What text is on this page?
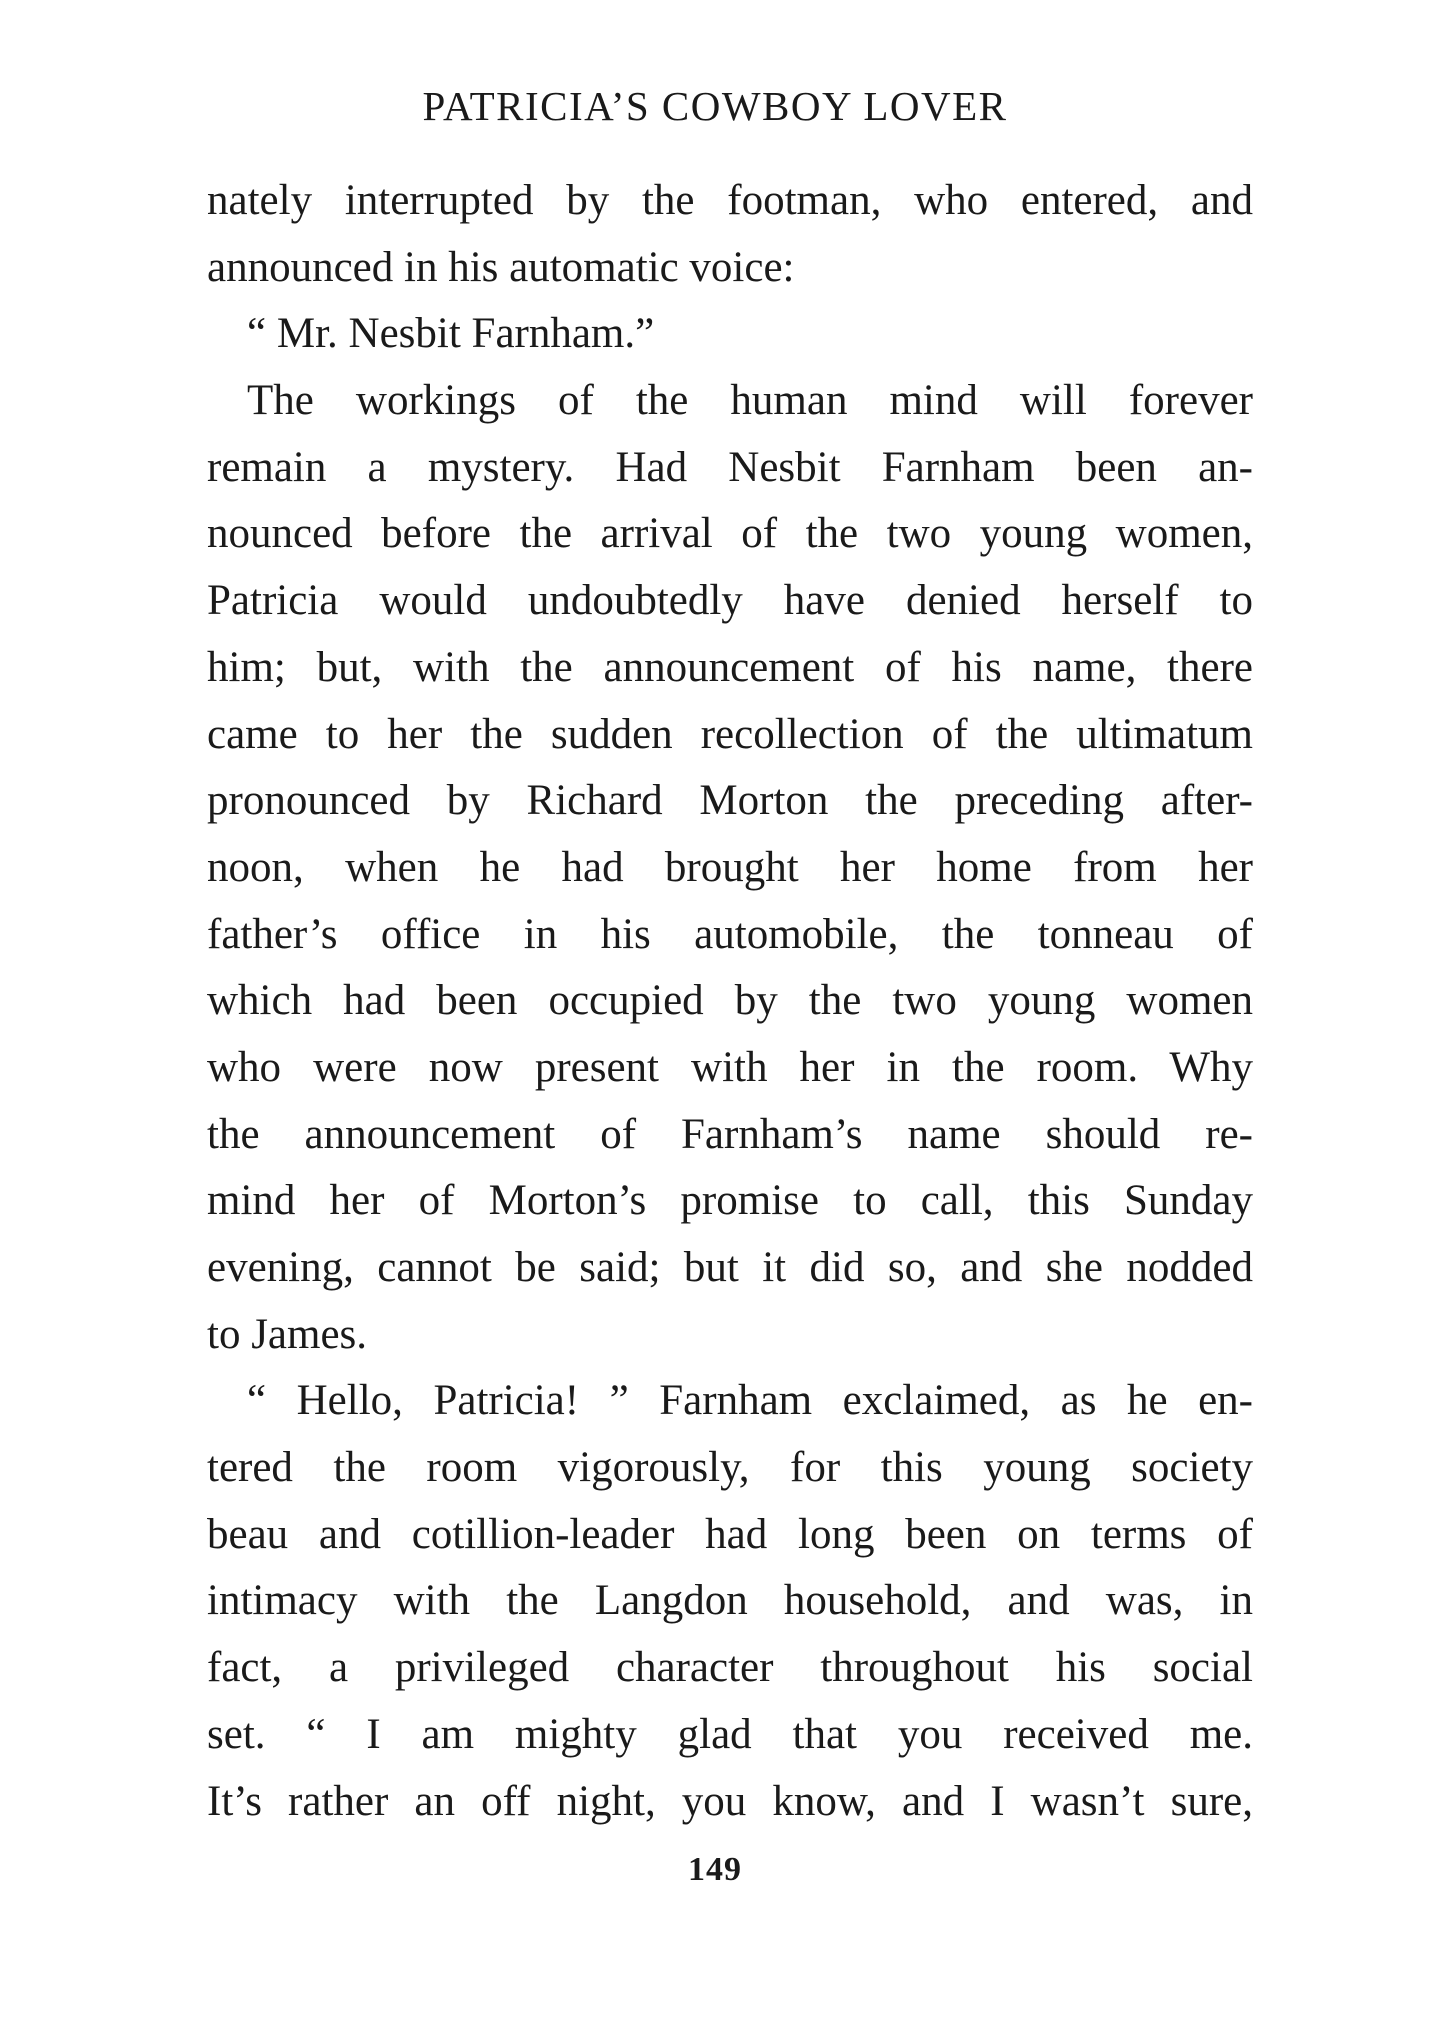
PATRICIA’S COWBOY LOVER
nately interrupted by the footman, who entered, and
announced in his automatic voice:
“ Mr. Nesbit Farnham.”
The workings of the human mind will forever
remain a mystery. Had Nesbit Farnham been an-
nounced before the arrival of the two young women,
Patricia would undoubtedly have denied herself to
him; but, with the announcement of his name, there
came to her the sudden recollection of the ultimatum
pronounced by Richard Morton the preceding after-
noon, when he had brought her home from her
father’s office in his automobile, the tonneau of
which had been occupied by the two young women
who were now present with her in the room. Why
the announcement of Farnham’s name should re-
mind her of Morton’s promise to call, this Sunday
evening, cannot be said; but it did so, and she nodded
to James.
“ Hello, Patricia! ” Farnham exclaimed, as he en-
tered the room vigorously, for this young society
beau and cotillion-leader had long been on terms of
intimacy with the Langdon household, and was, in
fact, a privileged character throughout his social
set. “ I am mighty glad that you received me.
It’s rather an off night, you know, and I wasn’t sure,
149
